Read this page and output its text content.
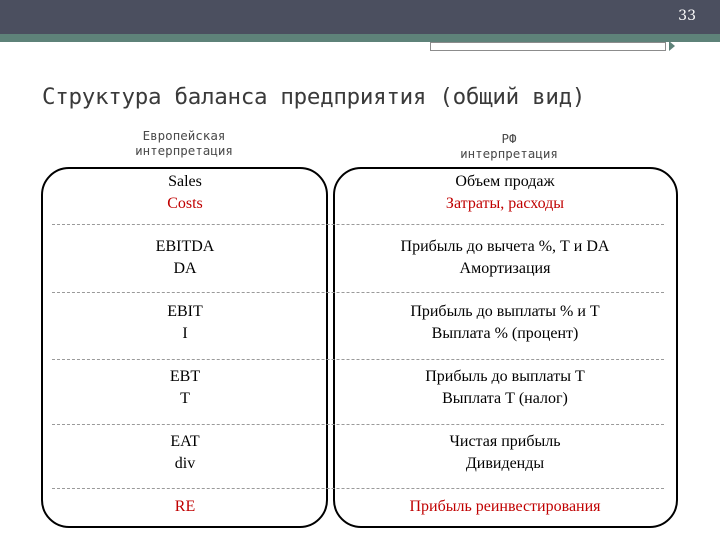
33
Структура баланса предприятия (общий вид)
Европейская
интерпретация
РФ
интерпретация
Sales
Costs
Объем продаж
Затраты, расходы
EBITDA
DA
Прибыль до вычета %, Т и DA
Амортизация
EBIT
I
Прибыль до выплаты % и Т
Выплата % (процент)
EBT
T
Прибыль до выплаты Т
Выплата Т (налог)
EAT
div
Чистая прибыль
Дивиденды
RE	Прибыль реинвестирования
